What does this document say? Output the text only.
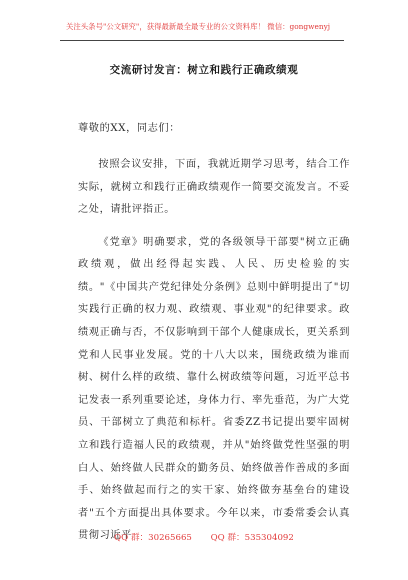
关注头条号"公文研究"，获得最新最全最专业的公文资料库！ 微信：gongwenyj
交流研讨发言：树立和践行正确政绩观

尊敬的XX，同志们：

按照会议安排，下面，我就近期学习思考，结合工作实际，就树立和践行正确政绩观作一简要交流发言。不妥之处，请批评指正。

《党章》明确要求，党的各级领导干部要"树立正确政绩观，做出经得起实践、人民、历史检验的实绩。"《中国共产党纪律处分条例》总则中鲜明提出了"切实践行正确的权力观、政绩观、事业观"的纪律要求。政绩观正确与否，不仅影响到干部个人健康成长，更关系到党和人民事业发展。党的十八大以来，围绕政绩为谁而树、树什么样的政绩、靠什么树政绩等问题，习近平总书记发表一系列重要论述，身体力行、率先垂范，为广大党员、干部树立了典范和标杆。省委ZZ书记提出要牢固树立和践行造福人民的政绩观，并从"始终做党性坚强的明白人、始终做人民群众的勤务员、始终做善作善成的多面手、始终做起而行之的实干家、始终做夯基垒台的建设者"五个方面提出具体要求。今年以来，市委常委会认真贯彻习近平

QQ 群：30265665 QQ 群：535304092
